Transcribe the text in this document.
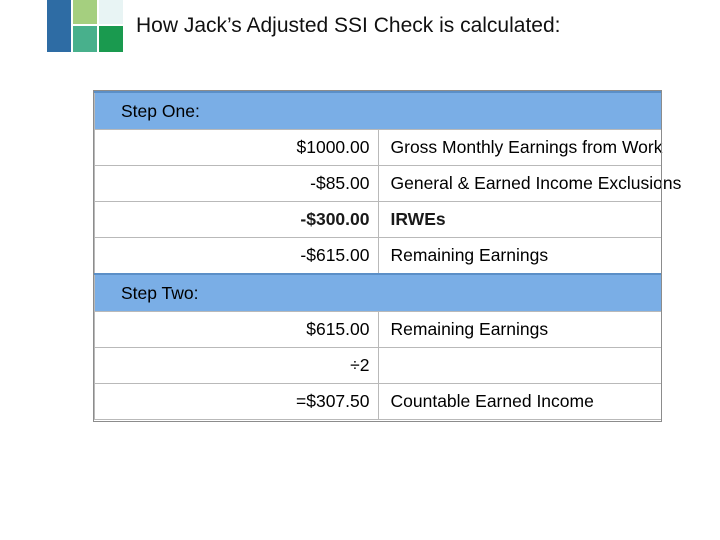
How Jack’s Adjusted SSI Check is calculated:
Step One:	
$1000.00	Gross Monthly Earnings from Work
-$85.00	General & Earned Income Exclusions
-$300.00	IRWEs
-$615.00	Remaining Earnings
Step Two:	
$615.00	Remaining Earnings
÷2	
=$307.50	Countable Earned Income
